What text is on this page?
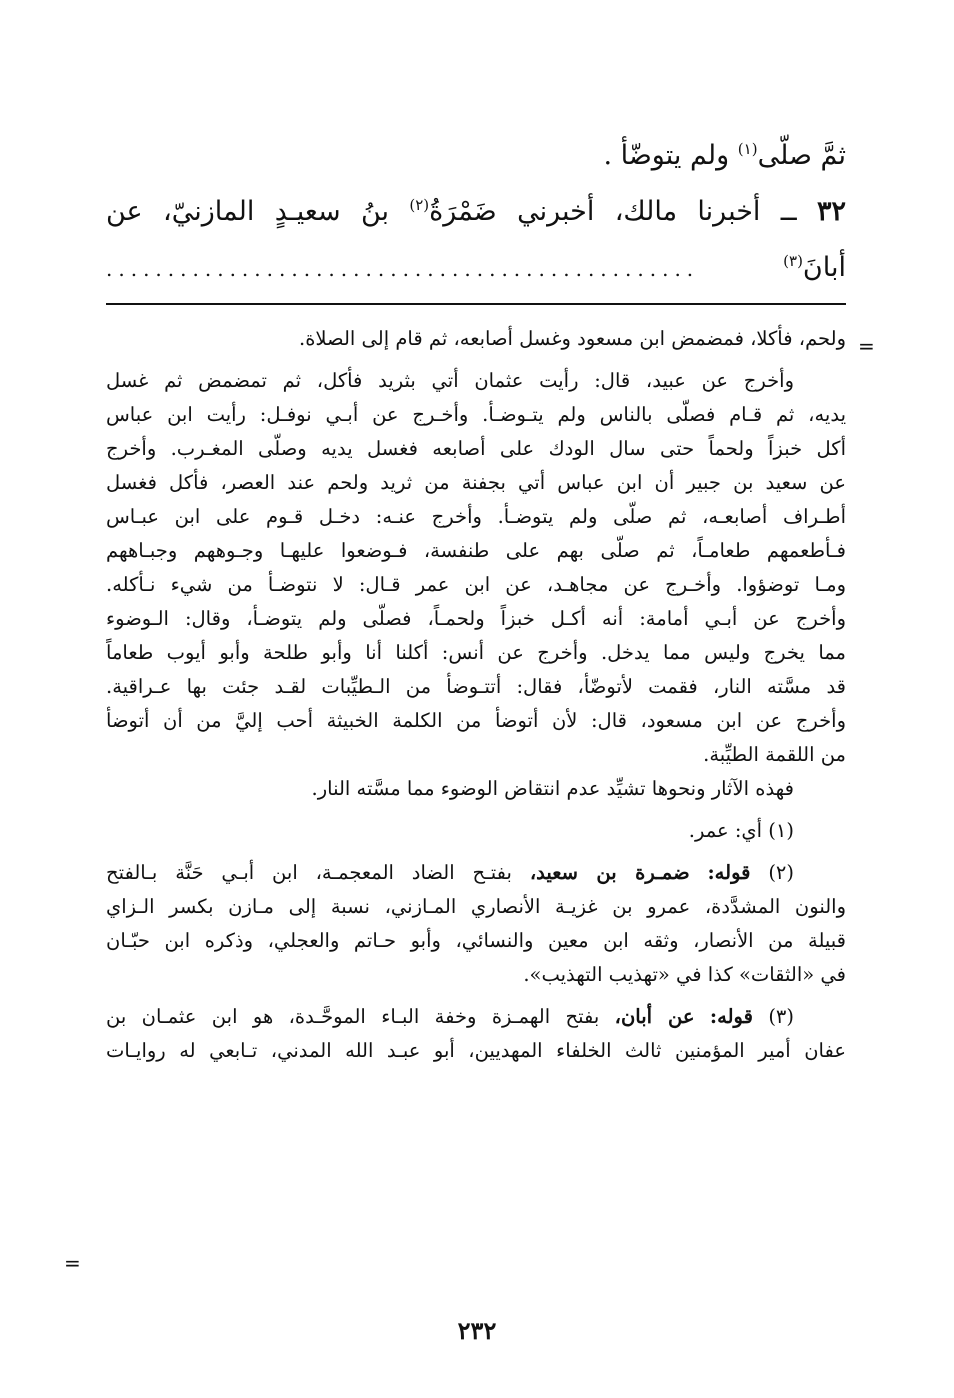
ثمَّ صلّى$^{(١)}$ ولم يتوضّأ .
٣٢ ــ أخبرنا مالك، أخبرني ضَمْرَةُ$^{(٢)}$ بنُ سعيـدٍ المازنيّ، عن
أبانَ$^{(٣)}$
................................................
=
=
ولحم، فأكلا، فمضمض ابن مسعود وغسل أصابعه، ثم قام إلى الصلاة.
وأخرج عن عبيد، قال: رأيت عثمان أتي بثريد فأكل، ثم تمضمض ثم غسل
يديه، ثم قـام فصلّى بالناس ولم يتـوضـأ. وأخـرج عن أبـي نوفـل: رأيت ابن عباس
أكل خبزاً ولحماً حتى سال الودك على أصابعه فغسل يديه وصلّى المغـرب. وأخرج
عن سعيد بن جبير أن ابن عباس أتي بجفنة من ثريد ولحم عند العصر، فأكل فغسل
أطـراف أصابعـه، ثم صلّى ولم يتوضـأ. وأخرج عنـه: دخـل قـوم على ابن عبـاس
فـأطعمهم طعامـاً، ثم صلّى بهم على طنفسة، فـوضعوا عليهـا وجـوههم وجبـاههم
ومـا توضؤوا. وأخـرج عن مجاهـد، عن ابن عمر قـال: لا نتوضـأ من شيء نـأكله.
وأخرج عن أبـي أمامة: أنه أكـل خبزاً ولحمـاً، فصلّى ولم يتوضـأ، وقال: الـوضوء
مما يخرج وليس مما يدخل. وأخرج عن أنس: أكلنا أنا وأبو طلحة وأبو أيوب طعاماً
قد مسَّته النار، فقمت لأتوضّأ، فقال: أتتـوضأ من الـطيِّبات لقـد جئت بها عـراقية.
وأخرج عن ابن مسعود، قال: لأن أتوضأ من الكلمة الخبيثة أحب إليَّ من أن أتوضأ
من اللقمة الطيِّبة.
فهذه الآثار ونحوها تشيِّد عدم انتقاض الوضوء مما مسَّته النار.
(١) أي: عمر.
(٢) قوله: ضمـرة بن سعيد، بفتـح الضاد المعجمـة، ابن أبـي حَنَّة بـالفتح
والنون المشدَّدة، عمرو بن غزيـة الأنصاري المـازني، نسبة إلى مـازن بكسر الـزاي
قبيلة من الأنصار، وثقه ابن معين والنسائي، وأبو حـاتم والعجلي، وذكره ابن حبّـان
في «الثقات» كذا في «تهذيب التهذيب».
(٣) قوله: عن أبان، بفتح الهمـزة وخفة البـاء الموحَّـدة، هو ابن عثمـان بن
عفان أمير المؤمنين ثالث الخلفاء المهديين، أبو عبـد الله المدني، تـابعي له روايـات
٢٣٢
